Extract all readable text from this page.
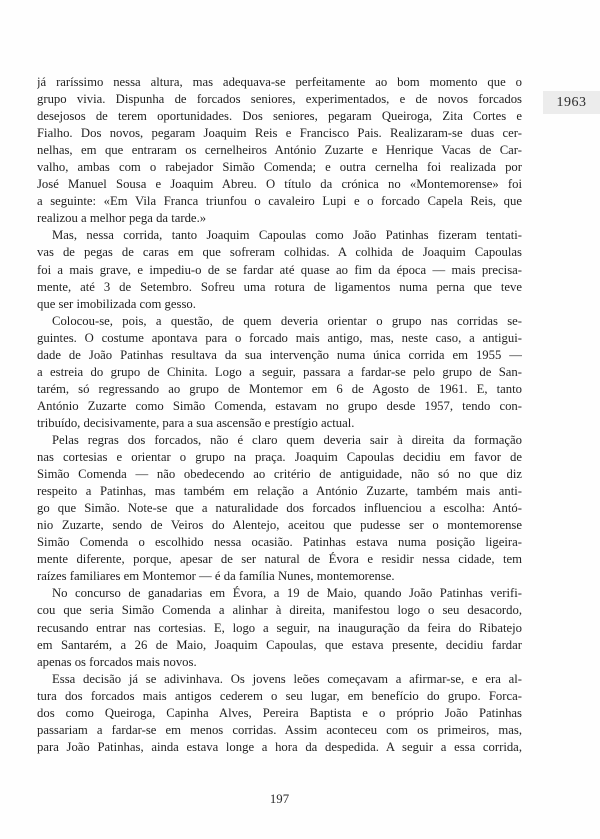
1963
já raríssimo nessa altura, mas adequava-se perfeitamente ao bom momento que o
grupo vivia. Dispunha de forcados seniores, experimentados, e de novos forcados
desejosos de terem oportunidades. Dos seniores, pegaram Queiroga, Zita Cortes e
Fialho. Dos novos, pegaram Joaquim Reis e Francisco Pais. Realizaram-se duas cer-
nelhas, em que entraram os cernelheiros António Zuzarte e Henrique Vacas de Car-
valho, ambas com o rabejador Simão Comenda; e outra cernelha foi realizada por
José Manuel Sousa e Joaquim Abreu. O título da crónica no «Montemorense» foi
a seguinte: «Em Vila Franca triunfou o cavaleiro Lupi e o forcado Capela Reis, que
realizou a melhor pega da tarde.»
Mas, nessa corrida, tanto Joaquim Capoulas como João Patinhas fizeram tentati-
vas de pegas de caras em que sofreram colhidas. A colhida de Joaquim Capoulas
foi a mais grave, e impediu-o de se fardar até quase ao fim da época — mais precisa-
mente, até 3 de Setembro. Sofreu uma rotura de ligamentos numa perna que teve
que ser imobilizada com gesso.
Colocou-se, pois, a questão, de quem deveria orientar o grupo nas corridas se-
guintes. O costume apontava para o forcado mais antigo, mas, neste caso, a antigui-
dade de João Patinhas resultava da sua intervenção numa única corrida em 1955 —
a estreia do grupo de Chinita. Logo a seguir, passara a fardar-se pelo grupo de San-
tarém, só regressando ao grupo de Montemor em 6 de Agosto de 1961. E, tanto
António Zuzarte como Simão Comenda, estavam no grupo desde 1957, tendo con-
tribuído, decisivamente, para a sua ascensão e prestígio actual.
Pelas regras dos forcados, não é claro quem deveria sair à direita da formação
nas cortesias e orientar o grupo na praça. Joaquim Capoulas decidiu em favor de
Simão Comenda — não obedecendo ao critério de antiguidade, não só no que diz
respeito a Patinhas, mas também em relação a António Zuzarte, também mais anti-
go que Simão. Note-se que a naturalidade dos forcados influenciou a escolha: Antó-
nio Zuzarte, sendo de Veiros do Alentejo, aceitou que pudesse ser o montemorense
Simão Comenda o escolhido nessa ocasião. Patinhas estava numa posição ligeira-
mente diferente, porque, apesar de ser natural de Évora e residir nessa cidade, tem
raízes familiares em Montemor — é da família Nunes, montemorense.
No concurso de ganadarias em Évora, a 19 de Maio, quando João Patinhas verifi-
cou que seria Simão Comenda a alinhar à direita, manifestou logo o seu desacordo,
recusando entrar nas cortesias. E, logo a seguir, na inauguração da feira do Ribatejo
em Santarém, a 26 de Maio, Joaquim Capoulas, que estava presente, decidiu fardar
apenas os forcados mais novos.
Essa decisão já se adivinhava. Os jovens leões começavam a afirmar-se, e era al-
tura dos forcados mais antigos cederem o seu lugar, em benefício do grupo. Forca-
dos como Queiroga, Capinha Alves, Pereira Baptista e o próprio João Patinhas
passariam a fardar-se em menos corridas. Assim aconteceu com os primeiros, mas,
para João Patinhas, ainda estava longe a hora da despedida. A seguir a essa corrida,
197
